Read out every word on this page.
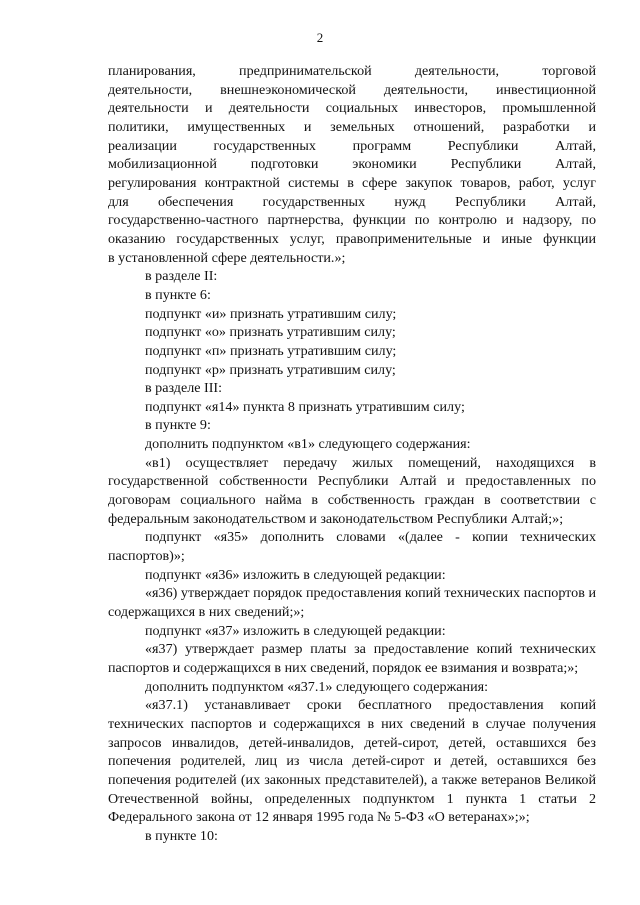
2

планирования, предпринимательской деятельности, торговой
деятельности, внешнеэкономической деятельности, инвестиционной
деятельности и деятельности социальных инвесторов, промышленной
политики, имущественных и земельных отношений, разработки и
реализации государственных программ Республики Алтай,
мобилизационной подготовки экономики Республики Алтай,
регулирования контрактной системы в сфере закупок товаров, работ, услуг
для обеспечения государственных нужд Республики Алтай,
государственно-частного партнерства, функции по контролю и надзору, по
оказанию государственных услуг, правоприменительные и иные функции
в установленной сфере деятельности.»;

в разделе II:

в пункте 6:

подпункт «и» признать утратившим силу;

подпункт «о» признать утратившим силу;

подпункт «п» признать утратившим силу;

подпункт «р» признать утратившим силу;

в разделе III:

подпункт «я14» пункта 8 признать утратившим силу;

в пункте 9:

дополнить подпунктом «в1» следующего содержания:

«в1) осуществляет передачу жилых помещений, находящихся в государственной собственности Республики Алтай и предоставленных по договорам социального найма в собственность граждан в соответствии с федеральным законодательством и законодательством Республики Алтай;»;

подпункт «я35» дополнить словами «(далее - копии технических паспортов)»;

подпункт «я36» изложить в следующей редакции:

«я36) утверждает порядок предоставления копий технических паспортов и содержащихся в них сведений;»;

подпункт «я37» изложить в следующей редакции:

«я37) утверждает размер платы за предоставление копий технических паспортов и содержащихся в них сведений, порядок ее взимания и возврата;»;

дополнить подпунктом «я37.1» следующего содержания:

«я37.1) устанавливает сроки бесплатного предоставления копий технических паспортов и содержащихся в них сведений в случае получения запросов инвалидов, детей-инвалидов, детей-сирот, детей, оставшихся без попечения родителей, лиц из числа детей-сирот и детей, оставшихся без попечения родителей (их законных представителей), а также ветеранов Великой Отечественной войны, определенных подпунктом 1 пункта 1 статьи 2 Федерального закона от 12 января 1995 года № 5-ФЗ «О ветеранах»;»;

в пункте 10:
